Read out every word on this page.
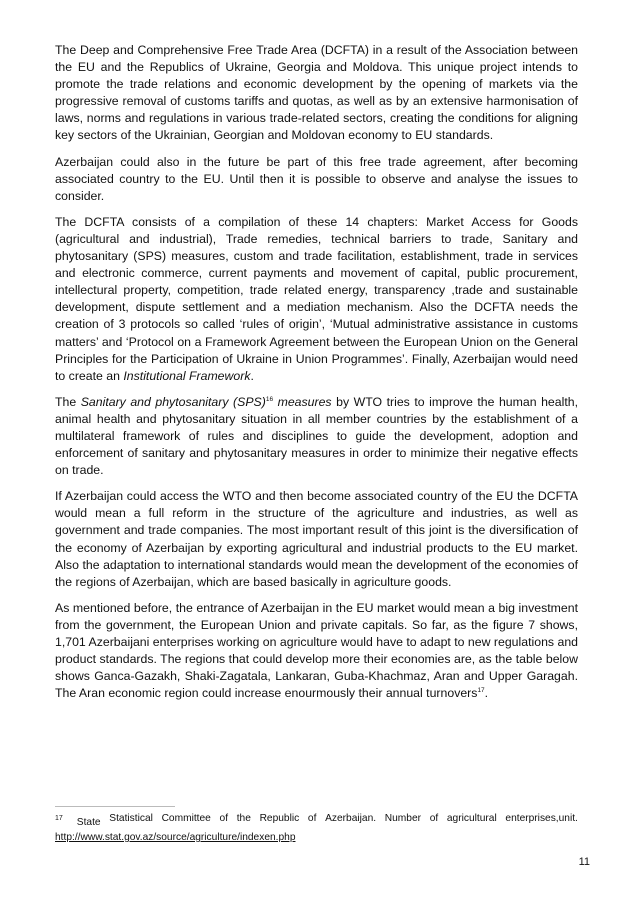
The Deep and Comprehensive Free Trade Area (DCFTA) in a result of the Association between the EU and the Republics of Ukraine, Georgia and Moldova. This unique project intends to promote the trade relations and economic development by the opening of markets via the progressive removal of customs tariffs and quotas, as well as by an extensive harmonisation of laws, norms and regulations in various trade-related sectors, creating the conditions for aligning key sectors of the Ukrainian, Georgian and Moldovan economy to EU standards.

Azerbaijan could also in the future be part of this free trade agreement, after becoming associated country to the EU. Until then it is possible to observe and analyse the issues to consider.

The DCFTA consists of a compilation of these 14 chapters: Market Access for Goods (agricultural and industrial), Trade remedies, technical barriers to trade, Sanitary and phytosanitary (SPS) measures, custom and trade facilitation, establishment, trade in services and electronic commerce, current payments and movement of capital, public procurement, intellectural property, competition, trade related energy, transparency ,trade and sustainable development, dispute settlement and a mediation mechanism. Also the DCFTA needs the creation of 3 protocols so called ‘rules of origin’, ‘Mutual administrative assistance in customs matters’ and ‘Protocol on a Framework Agreement between the European Union on the General Principles for the Participation of Ukraine in Union Programmes’. Finally, Azerbaijan would need to create an Institutional Framework.

The Sanitary and phytosanitary (SPS)$^{16}$ measures by WTO tries to improve the human health, animal health and phytosanitary situation in all member countries by the establishment of a multilateral framework of rules and disciplines to guide the development, adoption and enforcement of sanitary and phytosanitary measures in order to minimize their negative effects on trade.

If Azerbaijan could access the WTO and then become associated country of the EU the DCFTA would mean a full reform in the structure of the agriculture and industries, as well as government and trade companies. The most important result of this joint is the diversification of the economy of Azerbaijan by exporting agricultural and industrial products to the EU market. Also the adaptation to international standards would mean the development of the economies of the regions of Azerbaijan, which are based basically in agriculture goods.

As mentioned before, the entrance of Azerbaijan in the EU market would mean a big investment from the government, the European Union and private capitals. So far, as the figure 7 shows, 1,701 Azerbaijani enterprises working on agriculture would have to adapt to new regulations and product standards. The regions that could develop more their economies are, as the table below shows Ganca-Gazakh, Shaki-Zagatala, Lankaran, Guba-Khachmaz, Aran and Upper Garagah. The Aran economic region could increase enourmously their annual turnovers$^{17}$.

$^{17}$ State Statistical Committee of the Republic of Azerbaijan. Number of agricultural enterprises,unit.
http://www.stat.gov.az/source/agriculture/indexen.php
11
